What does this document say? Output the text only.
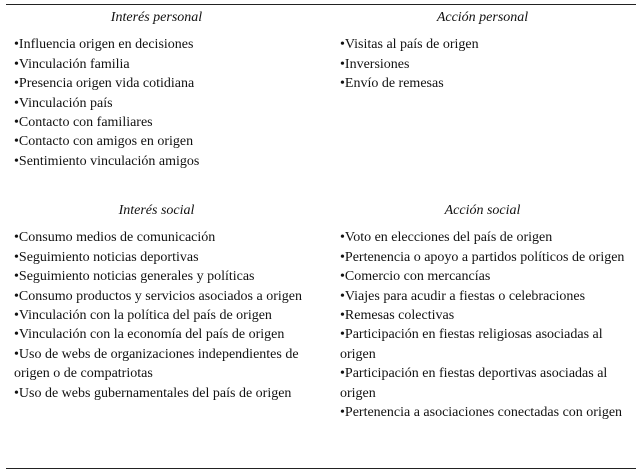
Interés personal
•Influencia origen en decisiones
•Vinculación familia
•Presencia origen vida cotidiana
•Vinculación país
•Contacto con familiares
•Contacto con amigos en origen
•Sentimiento vinculación amigos
Acción personal
•Visitas al país de origen
•Inversiones
•Envío de remesas
Interés social
•Consumo medios de comunicación
•Seguimiento noticias deportivas
•Seguimiento noticias generales y políticas
•Consumo productos y servicios asociados a origen
•Vinculación con la política del país de origen
•Vinculación con la economía del país de origen
•Uso de webs de organizaciones independientes de origen o de compatriotas
•Uso de webs gubernamentales del país de origen
Acción social
•Voto en elecciones del país de origen
•Pertenencia o apoyo a partidos políticos de origen
•Comercio con mercancías
•Viajes para acudir a fiestas o celebraciones
•Remesas colectivas
•Participación en fiestas religiosas asociadas al origen
•Participación en fiestas deportivas asociadas al origen
•Pertenencia a asociaciones conectadas con origen
